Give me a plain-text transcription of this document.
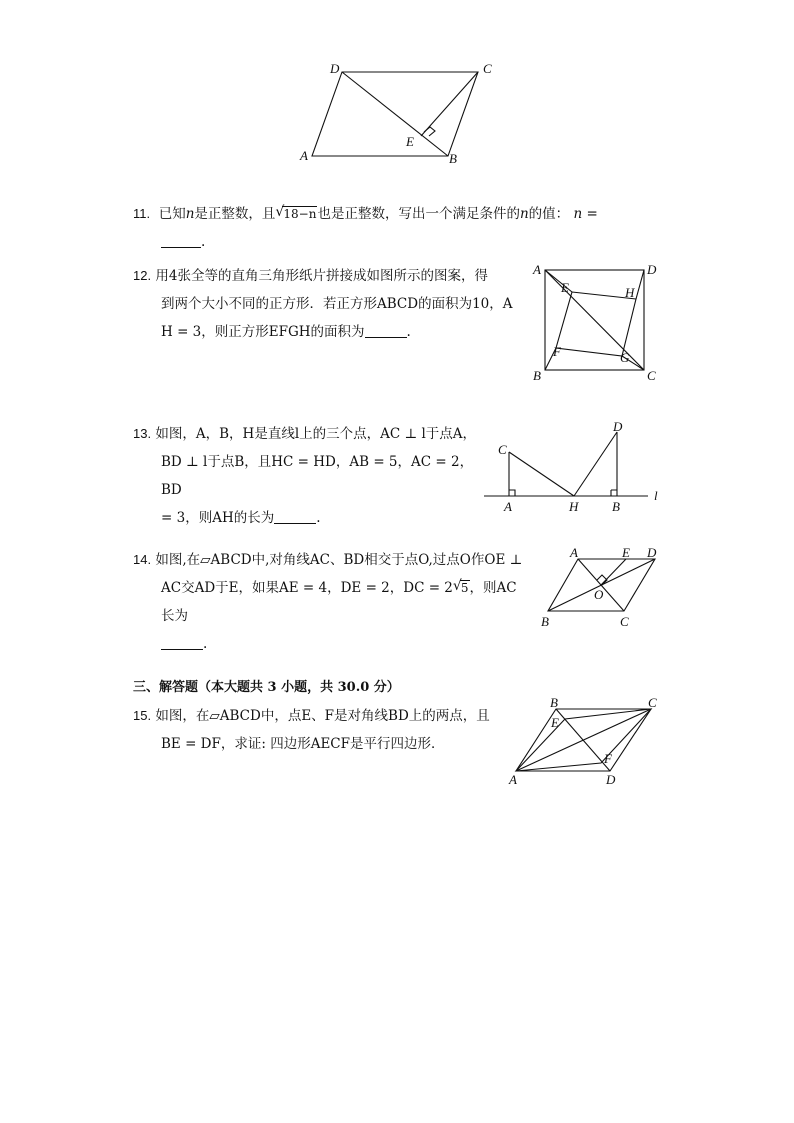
D	C
E
A	B
11. 已知n是正整数，且 √ 18−n也是正整数，写出一个满足条件的n的值： n =
.
12. 用4张全等的直角三角形纸片拼接成如图所示的图案，得
到两个大小不同的正方形．若正方形ABCD的面积为10，A
H = 3，则正方形EFGH的面积为	.
A	D
E	H
F	G
B	C
13. 如图，A，B，H是直线l上的三个点，AC ⊥ l于点A，
BD ⊥ l于点B，且HC = HD，AB = 5，AC = 2，BD
= 3，则AH的长为	.
C
D
A	H	B
l
14. 如图,在▱ABCD中,对角线AC、BD相交于点O,过点O作OE ⊥
AC交AD于E，如果AE = 4，DE = 2，DC = 2 √ 5，则AC长为
.
A	E D
O
B	C
三、解答题（本大题共 3 小题，共 30.0 分）
15. 如图，在▱ABCD中，点E、F是对角线BD上的两点，且
BE = DF，求证: 四边形AECF是平行四边形．
B	C
E
F
A	D
